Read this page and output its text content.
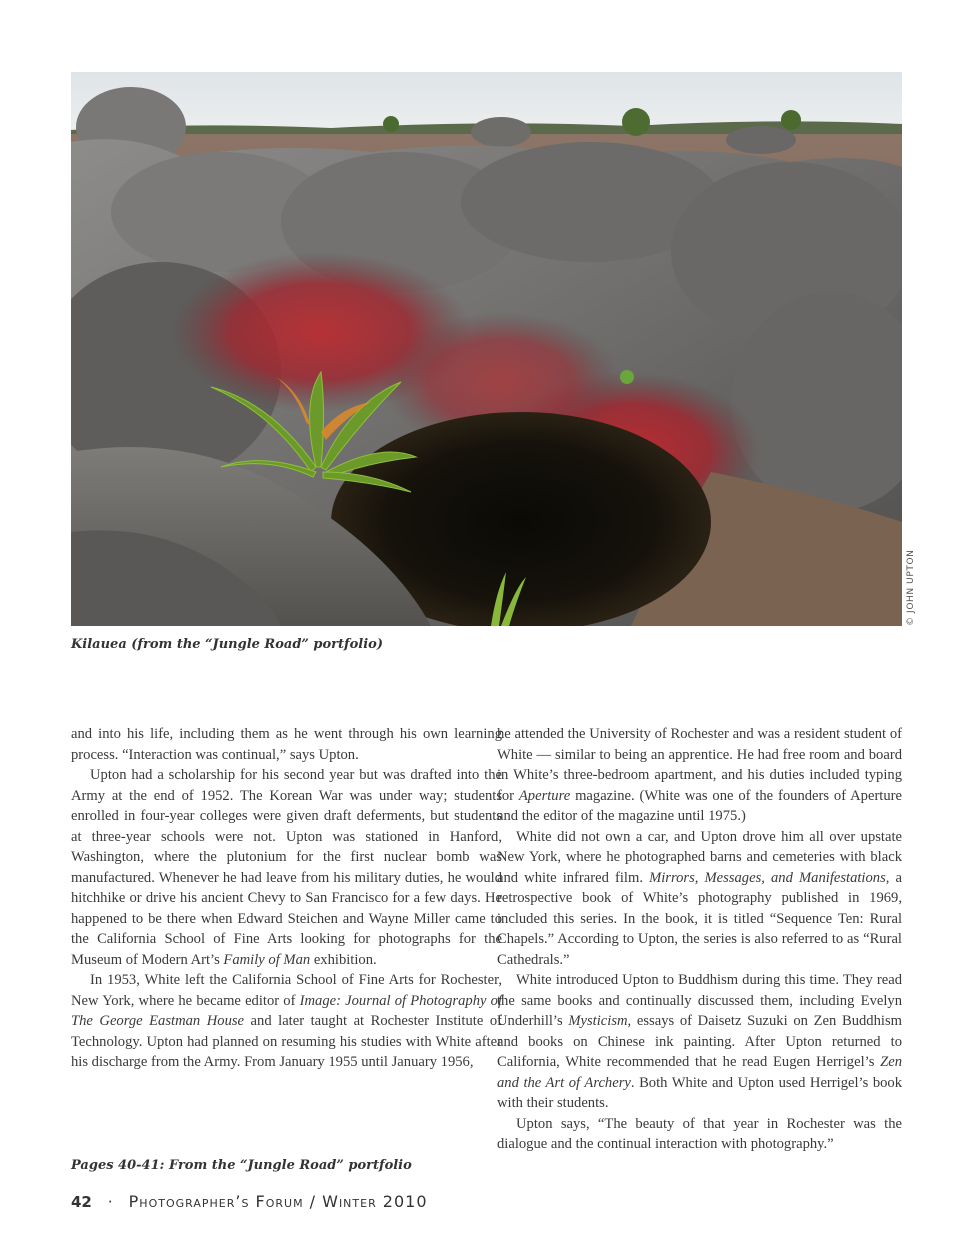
© JOHN UPTON
Kilauea (from the “Jungle Road” portfolio)

and into his life, including them as he went through his own learning process. “Interaction was continual,” says Upton.

Upton had a scholarship for his second year but was drafted into the Army at the end of 1952. The Korean War was under way; students enrolled in four-year colleges were given draft deferments, but students at three-year schools were not. Upton was stationed in Hanford, Washington, where the plutonium for the first nuclear bomb was manufactured. Whenever he had leave from his military duties, he would hitchhike or drive his ancient Chevy to San Francisco for a few days. He happened to be there when Edward Steichen and Wayne Miller came to the California School of Fine Arts looking for photographs for the Museum of Modern Art’s Family of Man exhibition.

In 1953, White left the California School of Fine Arts for Rochester, New York, where he became editor of Image: Journal of Photography of The George Eastman House and later taught at Rochester Institute of Technology. Upton had planned on resuming his studies with White after his discharge from the Army. From January 1955 until January 1956,

he attended the University of Rochester and was a resident student of White — similar to being an apprentice. He had free room and board in White’s three-bedroom apartment, and his duties included typing for Aperture magazine. (White was one of the founders of Aperture and the editor of the magazine until 1975.)

White did not own a car, and Upton drove him all over upstate New York, where he photographed barns and cemeteries with black and white infrared film. Mirrors, Messages, and Manifestations, a retrospective book of White’s photography published in 1969, included this series. In the book, it is titled “Sequence Ten: Rural Chapels.” According to Upton, the series is also referred to as “Rural Cathedrals.”

White introduced Upton to Buddhism during this time. They read the same books and continually discussed them, including Evelyn Underhill’s Mysticism, essays of Daisetz Suzuki on Zen Buddhism and books on Chinese ink painting. After Upton returned to California, White recommended that he read Eugen Herrigel’s Zen and the Art of Archery. Both White and Upton used Herrigel’s book with their students.

Upton says, “The beauty of that year in Rochester was the dialogue and the continual interaction with photography.”

Pages 40-41: From the “Jungle Road” portfolio
42 · Photographer’s Forum / Winter 2010
